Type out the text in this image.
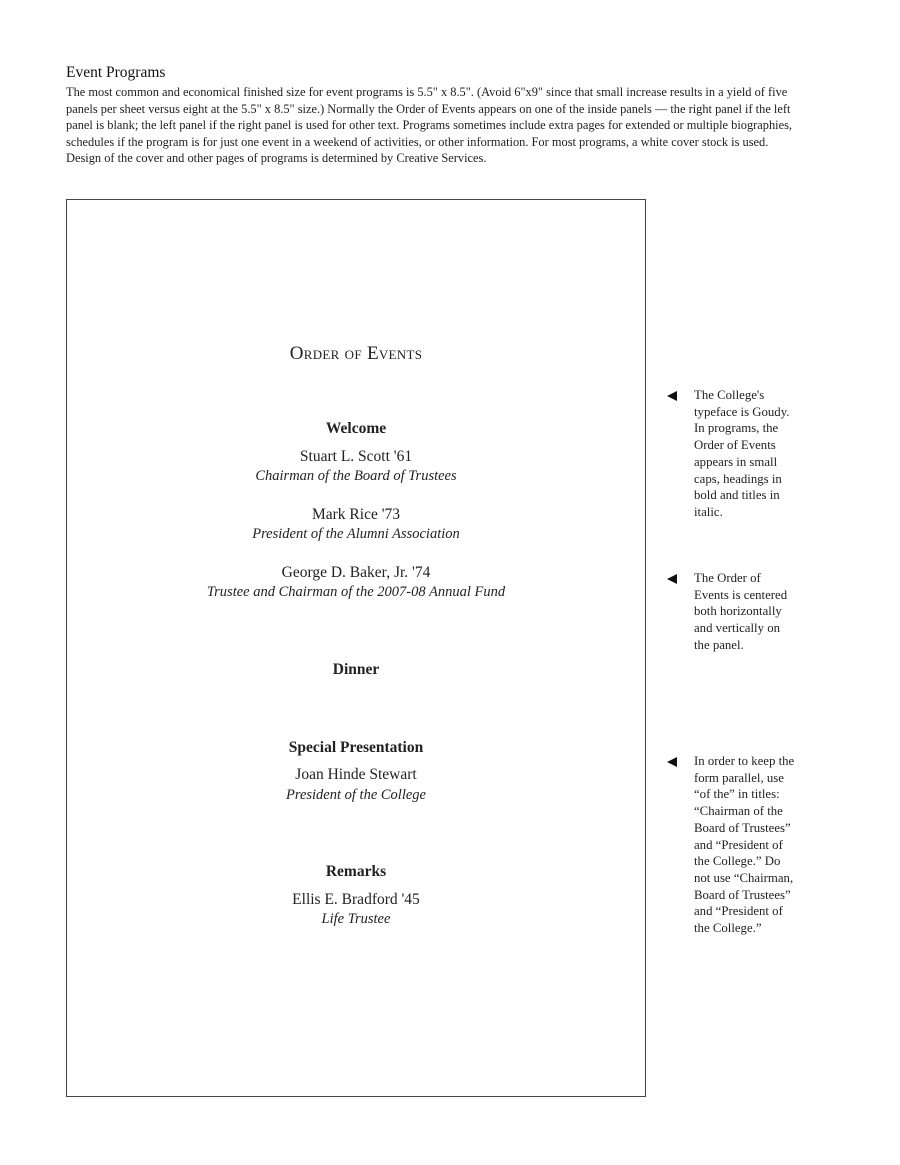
Event Programs

The most common and economical finished size for event programs is 5.5" x 8.5". (Avoid 6"x9" since that small increase results in a yield of five panels per sheet versus eight at the 5.5" x 8.5" size.) Normally the Order of Events appears on one of the inside panels — the right panel if the left panel is blank; the left panel if the right panel is used for other text. Programs sometimes include extra pages for extended or multiple biographies, schedules if the program is for just one event in a weekend of activities, or other information. For most programs, a white cover stock is used. Design of the cover and other pages of programs is determined by Creative Services.

Order of Events
Welcome
Stuart L. Scott '61
Chairman of the Board of Trustees
Mark Rice '73
President of the Alumni Association
George D. Baker, Jr. '74
Trustee and Chairman of the 2007-08 Annual Fund
Dinner
Special Presentation
Joan Hinde Stewart
President of the College
Remarks
Ellis E. Bradford '45
Life Trustee
The College's typeface is Goudy. In programs, the Order of Events appears in small caps, headings in bold and titles in italic.
The Order of Events is centered both horizontally and vertically on the panel.
In order to keep the form parallel, use “of the” in titles: “Chairman of the Board of Trustees” and “President of the College.” Do not use “Chairman, Board of Trustees” and “President of the College.”
